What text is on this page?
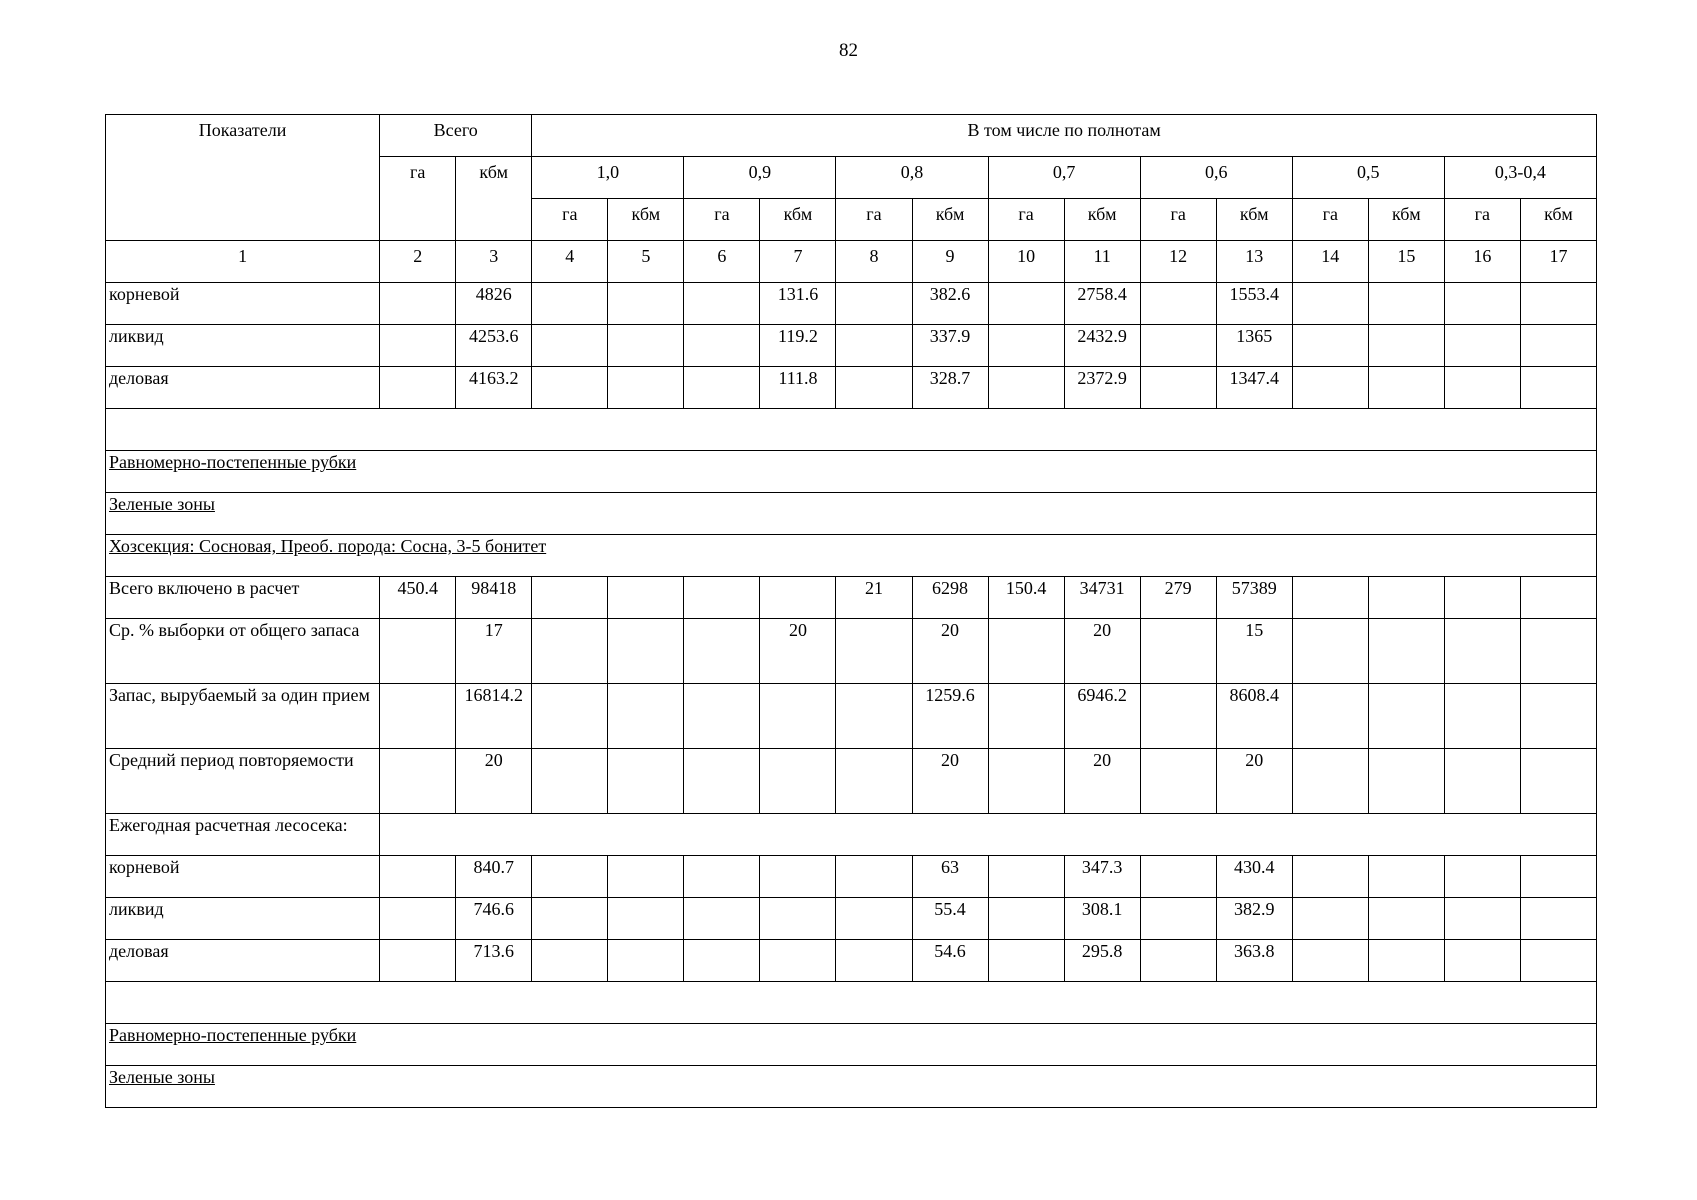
82
Показатели	Всего		В том числе по полнотам													
	га	кбм	1,0		0,9		0,8		0,7		0,6		0,5		0,3-0,4	
			га	кбм	га	кбм	га	кбм	га	кбм	га	кбм	га	кбм	га	кбм
1	2	3	4	5	6	7	8	9	10	11	12	13	14	15	16	17
корневой		4826				131.6		382.6		2758.4		1553.4				
ликвид		4253.6				119.2		337.9		2432.9		1365				
деловая		4163.2				111.8		328.7		2372.9		1347.4				

Равномерно-постепенные рубки																
Зеленые зоны																
Хозсекция: Сосновая, Преоб. порода: Сосна, 3-5 бонитет																
Всего включено в расчет	450.4	98418					21	6298	150.4	34731	279	57389				
Ср. % выборки от общего запаса		17				20		20		20		15				
Запас, вырубаемый за один прием		16814.2						1259.6		6946.2		8608.4				
Средний период повторяемости		20						20		20		20				
Ежегодная расчетная лесосека:																
корневой		840.7						63		347.3		430.4				
ликвид		746.6						55.4		308.1		382.9				
деловая		713.6						54.6		295.8		363.8				

Равномерно-постепенные рубки																
Зеленые зоны																
